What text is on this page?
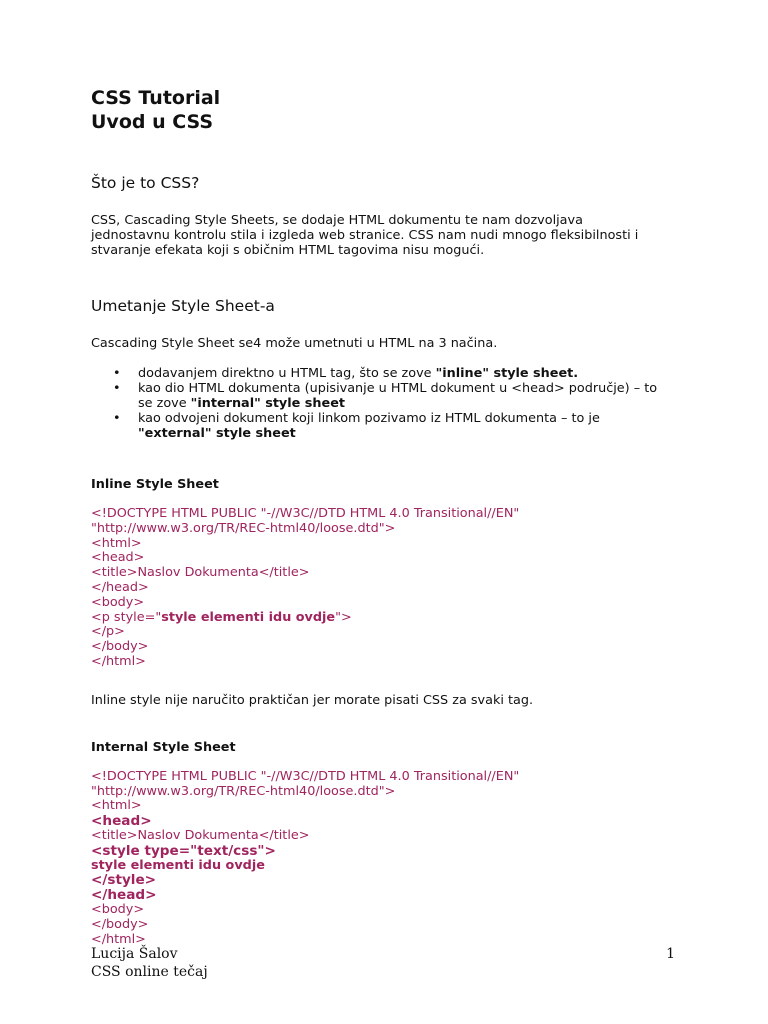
CSS Tutorial
Uvod u CSS
Što je to CSS?
CSS, Cascading Style Sheets, se dodaje HTML dokumentu te nam dozvoljava
jednostavnu kontrolu stila i izgleda web stranice. CSS nam nudi mnogo fleksibilnosti i
stvaranje efekata koji s običnim HTML tagovima nisu mogući.
Umetanje Style Sheet-a
Cascading Style Sheet se4 može umetnuti u HTML na 3 načina.
• dodavanjem direktno u HTML tag, što se zove "inline" style sheet.
• kao dio HTML dokumenta (upisivanje u HTML dokument u <head> područje) – to
se zove "internal" style sheet
• kao odvojeni dokument koji linkom pozivamo iz HTML dokumenta – to je
"external" style sheet
Inline Style Sheet
<!DOCTYPE HTML PUBLIC "-//W3C//DTD HTML 4.0 Transitional//EN"
"http://www.w3.org/TR/REC-html40/loose.dtd">
<html>
<head>
<title>Naslov Dokumenta</title>
</head>
<body>
<p style="style elementi idu ovdje">
</p>
</body>
</html>
Inline style nije naručito praktičan jer morate pisati CSS za svaki tag.
Internal Style Sheet
<!DOCTYPE HTML PUBLIC "-//W3C//DTD HTML 4.0 Transitional//EN"
"http://www.w3.org/TR/REC-html40/loose.dtd">
<html>
<head>
<title>Naslov Dokumenta</title>
<style type="text/css">
style elementi idu ovdje
</style>
</head>
<body>
</body>
</html>
Lucija Šalov
CSS online tečaj
1
